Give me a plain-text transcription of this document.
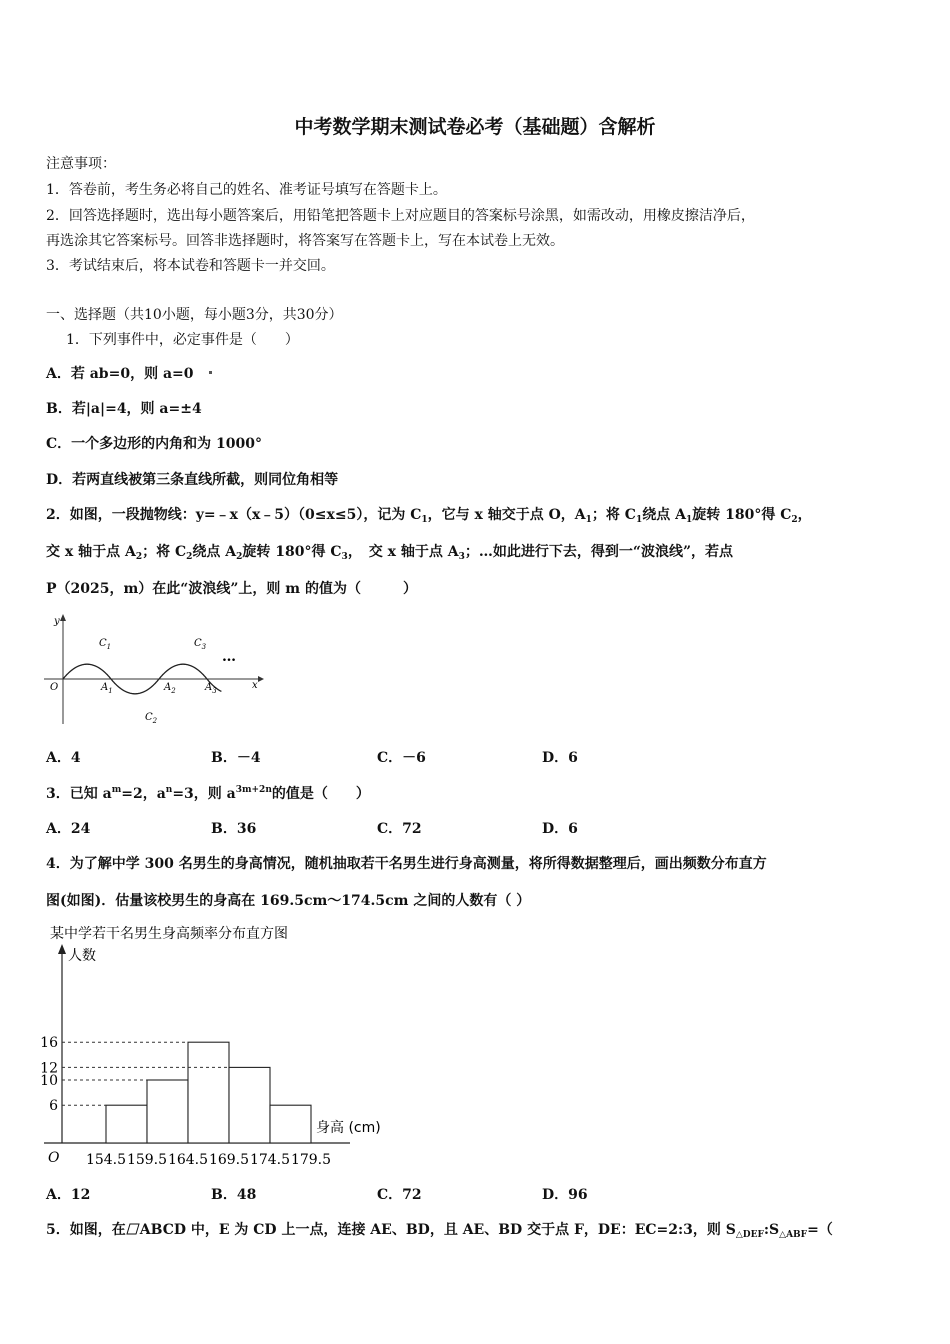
中考数学期末测试卷必考（基础题）含解析
注意事项：
1．答卷前，考生务必将自己的姓名、准考证号填写在答题卡上。
2．回答选择题时，选出每小题答案后，用铅笔把答题卡上对应题目的答案标号涂黑，如需改动，用橡皮擦洁净后，
再选涂其它答案标号。回答非选择题时，将答案写在答题卡上，写在本试卷上无效。
3．考试结束后，将本试卷和答题卡一并交回。
一、选择题（共10小题，每小题3分，共30分）
1．下列事件中，必定事件是（　　）
A．若 ab=0，则 a=0
B．若|a|=4，则 a=±4
C．一个多边形的内角和为 1000°
D．若两直线被第三条直线所截，则同位角相等
2．如图，一段抛物线：y=﹣x（x﹣5）（0≤x≤5），记为 $C_1$，它与 x 轴交于点 O，$A_1$；将 $C_1$绕点 $A_1$旋转 180°得 $C_2$，
交 x 轴于点 $A_2$；将 $C_2$绕点 $A_2$旋转 180°得 $C_3$，　交 x 轴于点 $A_3$；…如此进行下去，得到一“波浪线”，若点
P（2025，m）在此“波浪线”上，则 m 的值为（　　　）
y
x
O
$C_1$
$C_2$
$C_3$
$A_1$	$A_2$	$A_3$
…
A．4	B．－4	C．－6	D．6
3．已知 $a^m=2$，$a^n=3$，则 $a^{3m+2n}$的值是（　　）
A．24	B．36	C．72	D．6
4．为了解中学 300 名男生的身高情况，随机抽取若干名男生进行身高测量，将所得数据整理后，画出频数分布直方
图(如图)．估量该校男生的身高在 169.5cm～174.5cm 之间的人数有（ ）
某中学若干名男生身高频率分布直方图
人数
身高 (cm)
O
6
10
12
16
154.5 159.5 164.5 169.5 174.5 179.5
A．12	B．48	C．72	D．96
5．如图，在 ABCD 中，E 为 CD 上一点，连接 AE、BD，且 AE、BD 交于点 F，DE：EC=2:3，则 $S_{\triangle DEF}:S_{\triangle ABF}=$（
